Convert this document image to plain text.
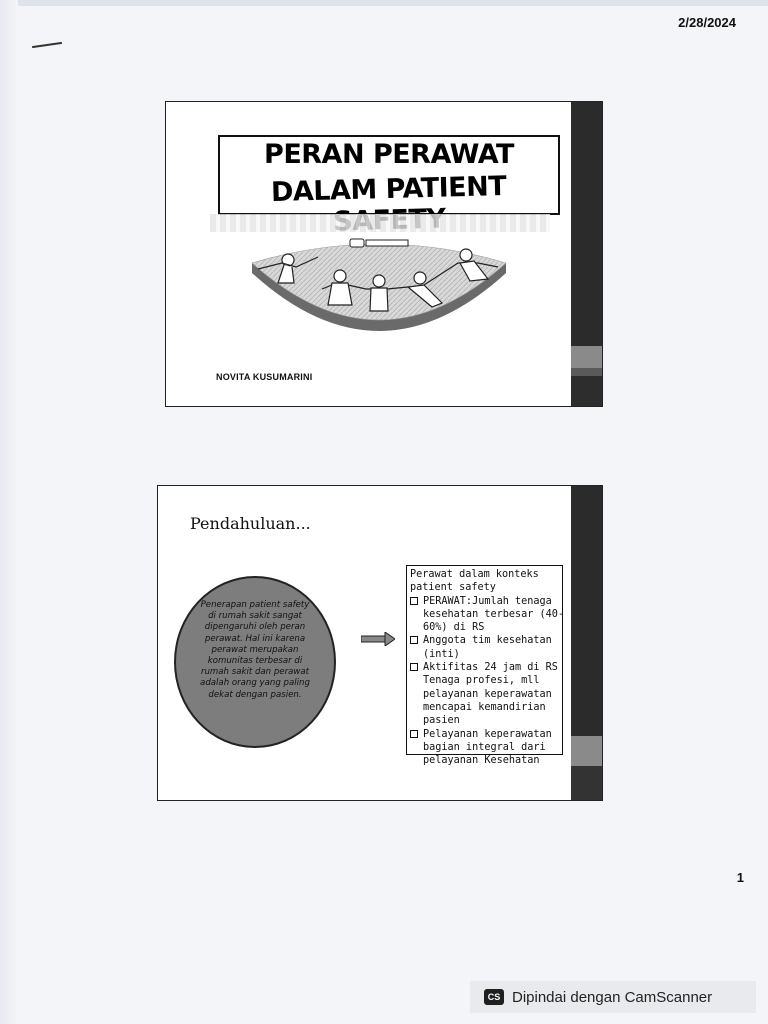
2/28/2024
PERAN PERAWAT
DALAM PATIENT
NOVITA KUSUMARINI
Pendahuluan...
Penerapan patient safety di rumah sakit sangat dipengaruhi oleh peran perawat. Hal ini karena perawat merupakan komunitas terbesar di rumah sakit dan perawat adalah orang yang paling dekat dengan pasien.

Perawat dalam konteks patient safety

PERAWAT:Jumlah tenaga kesehatan terbesar (40-60%) di RS

Anggota tim kesehatan (inti)

Aktifitas 24 jam di RS Tenaga profesi, mll pelayanan keperawatan mencapai kemandirian pasien

Pelayanan keperawatan bagian integral dari pelayanan Kesehatan

1
CS Dipindai dengan CamScanner
